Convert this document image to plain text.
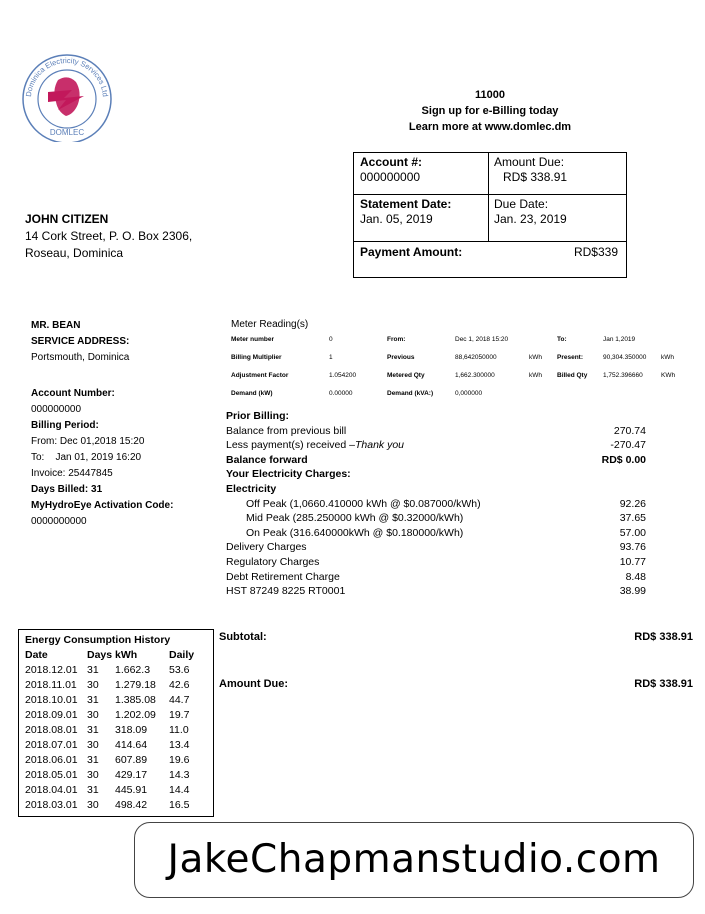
Dominica Electricity Services Ltd
DOMLEC
11000
Sign up for e-Billing today
Learn more at www.domlec.dm
Account #:
000000000
Amount Due:
RD$ 338.91
Statement Date:
Jan. 05, 2019
Due Date:
Jan. 23, 2019
Payment Amount:	RD$339
JOHN CITIZEN
14 Cork Street, P. O. Box 2306,
Roseau, Dominica
MR. BEAN
SERVICE ADDRESS:
Portsmouth, Dominica
Account Number:
000000000
Billing Period:
From: Dec 01,2018 15:20
To:    Jan 01, 2019 16:20
Invoice: 25447845
Days Billed: 31
MyHydroEye Activation Code:
0000000000
Meter Reading(s)
Meter number	0	From:	Dec 1, 2018 15:20		To:	Jan 1,2019	
Billing Multiplier	1	Previous	88,642050000	kWh	Present:	90,304.350000	kWh
Adjustment Factor	1.054200	Metered Qty	1,662.300000	kWh	Billed Qty	1,752.396660	KWh
Demand (kW)	0.00000	Demand (kVA:)	0,000000				
Prior Billing:
Balance from previous bill	270.74
Less payment(s) received –Thank you	-270.47
Balance forward	RD$ 0.00
Your Electricity Charges:
Electricity
Off Peak (1,0660.410000 kWh @ $0.087000/kWh)	92.26
Mid Peak (285.250000 kWh @ $0.32000/kWh)	37.65
On Peak (316.640000kWh @ $0.180000/kWh)	57.00
Delivery Charges	93.76
Regulatory Charges	10.77
Debt Retirement Charge	8.48
HST 87249 8225 RT0001	38.99
Subtotal:	RD$ 338.91
Amount Due:	RD$ 338.91
Energy Consumption History			
Date	Days	kWh	Daily
2018.12.01	31	1.662.3	53.6
2018.11.01	30	1.279.18	42.6
2018.10.01	31	1.385.08	44.7
2018.09.01	30	1.202.09	19.7
2018.08.01	31	318.09	11.0
2018.07.01	30	414.64	13.4
2018.06.01	31	607.89	19.6
2018.05.01	30	429.17	14.3
2018.04.01	31	445.91	14.4
2018.03.01	30	498.42	16.5
JakeChapmanstudio.com
